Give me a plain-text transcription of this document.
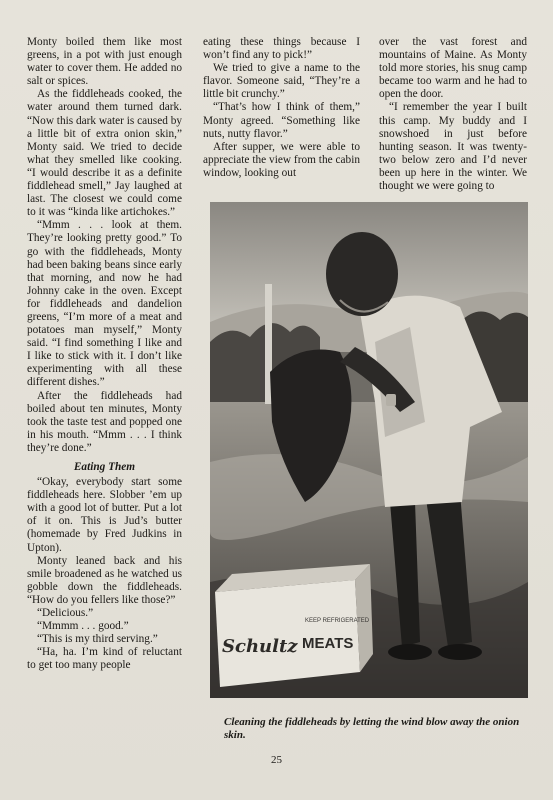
Monty boiled them like most greens, in a pot with just enough water to cover them. He added no salt or spices.

As the fiddleheads cooked, the water around them turned dark. “Now this dark water is caused by a little bit of extra onion skin,” Monty said. We tried to decide what they smelled like cooking. “I would describe it as a definite fiddlehead smell,” Jay laughed at last. The closest we could come to it was “kinda like artichokes.”

“Mmm . . . look at them. They’re looking pretty good.” To go with the fiddleheads, Monty had been baking beans since early that morning, and now he had Johnny cake in the oven. Except for fiddleheads and dandelion greens, “I’m more of a meat and potatoes man myself,” Monty said. “I find something I like and I like to stick with it. I don’t like experimenting with all these different dishes.”

After the fiddleheads had boiled about ten minutes, Monty took the taste test and popped one in his mouth. “Mmm . . . I think they’re done.”

Eating Them

“Okay, everybody start some fiddleheads here. Slobber ’em up with a good lot of butter. Put a lot of it on. This is Jud’s butter (homemade by Fred Judkins in Upton).

Monty leaned back and his smile broadened as he watched us gobble down the fiddleheads. “How do you fellers like those?”

“Delicious.”

“Mmmm . . . good.”

“This is my third serving.”

“Ha, ha. I’m kind of reluctant to get too many people

eating these things because I won’t find any to pick!”

We tried to give a name to the flavor. Someone said, “They’re a little bit crunchy.”

“That’s how I think of them,” Monty agreed. “Something like nuts, nutty flavor.”

After supper, we were able to appreciate the view from the cabin window, looking out

over the vast forest and mountains of Maine. As Monty told more stories, his snug camp became too warm and he had to open the door.

“I remember the year I built this camp. My buddy and I snowshoed in just before hunting season. It was twenty-two below zero and I’d never been up here in the winter. We thought we were going to

KEEP REFRIGERATED
Schultz MEATS
Cleaning the fiddleheads by letting the wind blow away the onion skin.
25
